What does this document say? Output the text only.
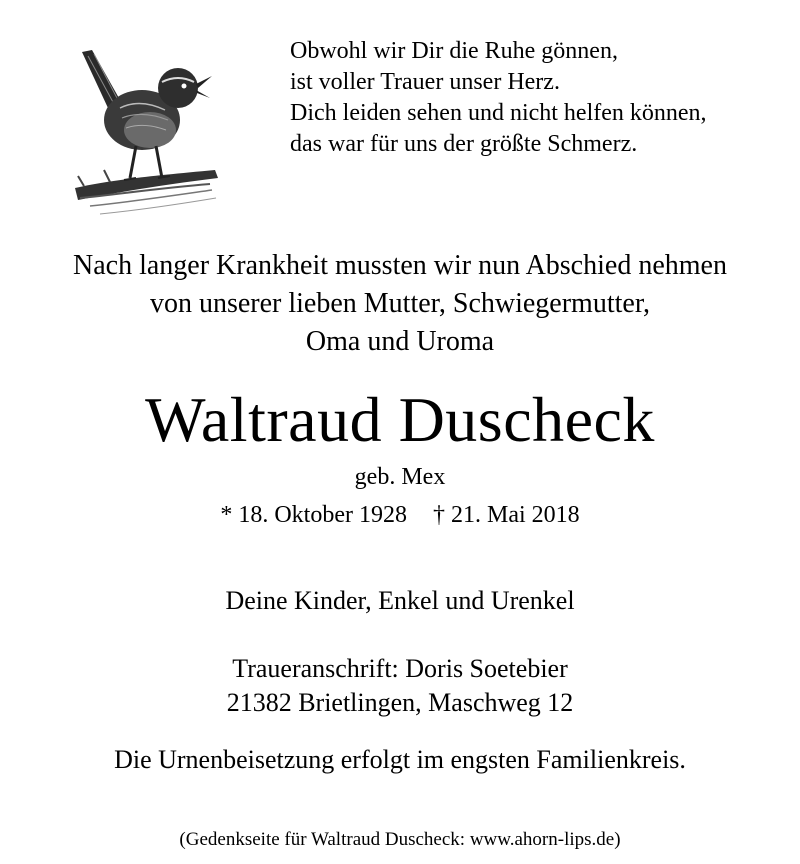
Obwohl wir Dir die Ruhe gönnen,
ist voller Trauer unser Herz.
Dich leiden sehen und nicht helfen können,
das war für uns der größte Schmerz.
Nach langer Krankheit mussten wir nun Abschied nehmen
von unserer lieben Mutter, Schwiegermutter,
Oma und Uroma
Waltraud Duscheck
geb. Mex
* 18. Oktober 1928 † 21. Mai 2018
Deine Kinder, Enkel und Urenkel
Traueranschrift: Doris Soetebier
21382 Brietlingen, Maschweg 12
Die Urnenbeisetzung erfolgt im engsten Familienkreis.
(Gedenkseite für Waltraud Duscheck: www.ahorn-lips.de)
